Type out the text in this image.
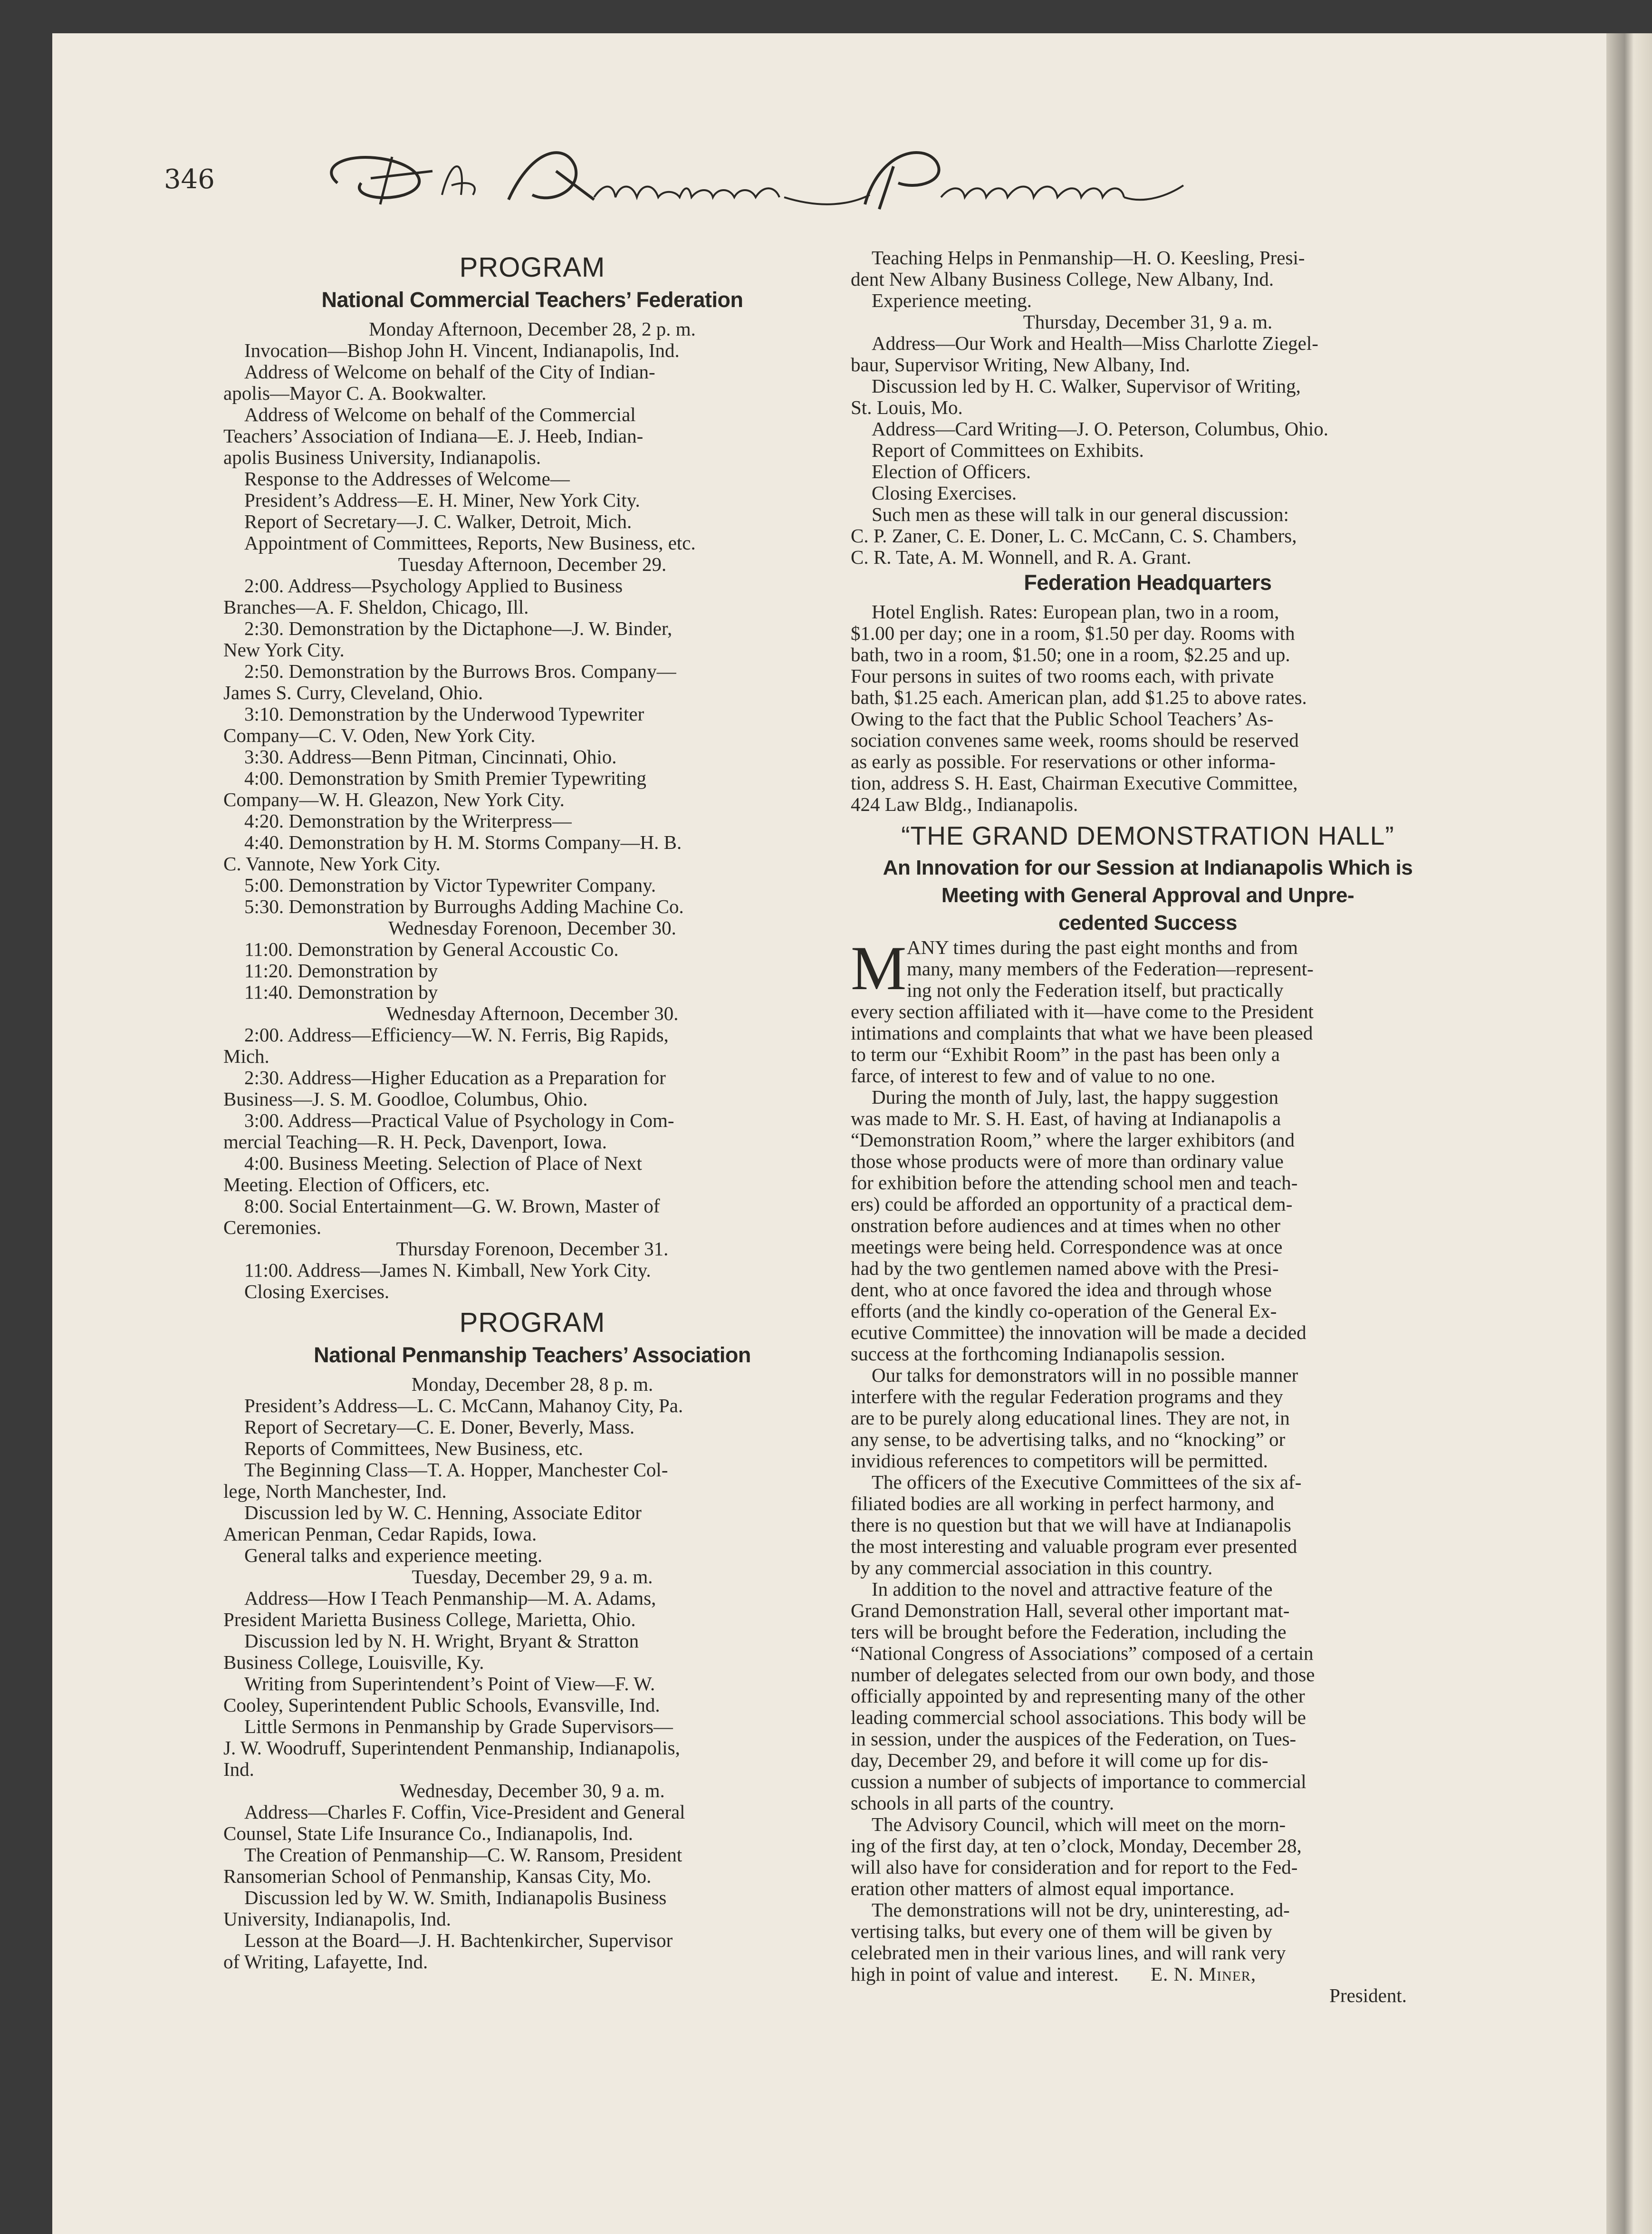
346
PROGRAM
National Commercial Teachers’ Federation
Monday Afternoon, December 28, 2 p. m.
Invocation—Bishop John H. Vincent, Indianapolis, Ind.
Address of Welcome on behalf of the City of Indian-
apolis—Mayor C. A. Bookwalter.
Address of Welcome on behalf of the Commercial
Teachers’ Association of Indiana—E. J. Heeb, Indian-
apolis Business University, Indianapolis.
Response to the Addresses of Welcome—
President’s Address—E. H. Miner, New York City.
Report of Secretary—J. C. Walker, Detroit, Mich.
Appointment of Committees, Reports, New Business, etc.
Tuesday Afternoon, December 29.
2:00. Address—Psychology Applied to Business
Branches—A. F. Sheldon, Chicago, Ill.
2:30. Demonstration by the Dictaphone—J. W. Binder,
New York City.
2:50. Demonstration by the Burrows Bros. Company—
James S. Curry, Cleveland, Ohio.
3:10. Demonstration by the Underwood Typewriter
Company—C. V. Oden, New York City.
3:30. Address—Benn Pitman, Cincinnati, Ohio.
4:00. Demonstration by Smith Premier Typewriting
Company—W. H. Gleazon, New York City.
4:20. Demonstration by the Writerpress—
4:40. Demonstration by H. M. Storms Company—H. B.
C. Vannote, New York City.
5:00. Demonstration by Victor Typewriter Company.
5:30. Demonstration by Burroughs Adding Machine Co.
Wednesday Forenoon, December 30.
11:00. Demonstration by General Accoustic Co.
11:20. Demonstration by
11:40. Demonstration by
Wednesday Afternoon, December 30.
2:00. Address—Efficiency—W. N. Ferris, Big Rapids,
Mich.
2:30. Address—Higher Education as a Preparation for
Business—J. S. M. Goodloe, Columbus, Ohio.
3:00. Address—Practical Value of Psychology in Com-
mercial Teaching—R. H. Peck, Davenport, Iowa.
4:00. Business Meeting. Selection of Place of Next
Meeting. Election of Officers, etc.
8:00. Social Entertainment—G. W. Brown, Master of
Ceremonies.
Thursday Forenoon, December 31.
11:00. Address—James N. Kimball, New York City.
Closing Exercises.
PROGRAM
National Penmanship Teachers’ Association
Monday, December 28, 8 p. m.
President’s Address—L. C. McCann, Mahanoy City, Pa.
Report of Secretary—C. E. Doner, Beverly, Mass.
Reports of Committees, New Business, etc.
The Beginning Class—T. A. Hopper, Manchester Col-
lege, North Manchester, Ind.
Discussion led by W. C. Henning, Associate Editor
American Penman, Cedar Rapids, Iowa.
General talks and experience meeting.
Tuesday, December 29, 9 a. m.
Address—How I Teach Penmanship—M. A. Adams,
President Marietta Business College, Marietta, Ohio.
Discussion led by N. H. Wright, Bryant & Stratton
Business College, Louisville, Ky.
Writing from Superintendent’s Point of View—F. W.
Cooley, Superintendent Public Schools, Evansville, Ind.
Little Sermons in Penmanship by Grade Supervisors—
J. W. Woodruff, Superintendent Penmanship, Indianapolis,
Ind.
Wednesday, December 30, 9 a. m.
Address—Charles F. Coffin, Vice-President and General
Counsel, State Life Insurance Co., Indianapolis, Ind.
The Creation of Penmanship—C. W. Ransom, President
Ransomerian School of Penmanship, Kansas City, Mo.
Discussion led by W. W. Smith, Indianapolis Business
University, Indianapolis, Ind.
Lesson at the Board—J. H. Bachtenkircher, Supervisor
of Writing, Lafayette, Ind.
Teaching Helps in Penmanship—H. O. Keesling, Presi-
dent New Albany Business College, New Albany, Ind.
Experience meeting.
Thursday, December 31, 9 a. m.
Address—Our Work and Health—Miss Charlotte Ziegel-
baur, Supervisor Writing, New Albany, Ind.
Discussion led by H. C. Walker, Supervisor of Writing,
St. Louis, Mo.
Address—Card Writing—J. O. Peterson, Columbus, Ohio.
Report of Committees on Exhibits.
Election of Officers.
Closing Exercises.
Such men as these will talk in our general discussion:
C. P. Zaner, C. E. Doner, L. C. McCann, C. S. Chambers,
C. R. Tate, A. M. Wonnell, and R. A. Grant.
Federation Headquarters
Hotel English. Rates: European plan, two in a room,
$1.00 per day; one in a room, $1.50 per day. Rooms with
bath, two in a room, $1.50; one in a room, $2.25 and up.
Four persons in suites of two rooms each, with private
bath, $1.25 each. American plan, add $1.25 to above rates.
Owing to the fact that the Public School Teachers’ As-
sociation convenes same week, rooms should be reserved
as early as possible. For reservations or other informa-
tion, address S. H. East, Chairman Executive Committee,
424 Law Bldg., Indianapolis.
“THE GRAND DEMONSTRATION HALL”
An Innovation for our Session at Indianapolis Which is
Meeting with General Approval and Unpre-
cedented Success
M ANY times during the past eight months and from
many, many members of the Federation—represent-
ing not only the Federation itself, but practically
every section affiliated with it—have come to the President
intimations and complaints that what we have been pleased
to term our “Exhibit Room” in the past has been only a
farce, of interest to few and of value to no one.
During the month of July, last, the happy suggestion
was made to Mr. S. H. East, of having at Indianapolis a
“Demonstration Room,” where the larger exhibitors (and
those whose products were of more than ordinary value
for exhibition before the attending school men and teach-
ers) could be afforded an opportunity of a practical dem-
onstration before audiences and at times when no other
meetings were being held. Correspondence was at once
had by the two gentlemen named above with the Presi-
dent, who at once favored the idea and through whose
efforts (and the kindly co-operation of the General Ex-
ecutive Committee) the innovation will be made a decided
success at the forthcoming Indianapolis session.
Our talks for demonstrators will in no possible manner
interfere with the regular Federation programs and they
are to be purely along educational lines. They are not, in
any sense, to be advertising talks, and no “knocking” or
invidious references to competitors will be permitted.
The officers of the Executive Committees of the six af-
filiated bodies are all working in perfect harmony, and
there is no question but that we will have at Indianapolis
the most interesting and valuable program ever presented
by any commercial association in this country.
In addition to the novel and attractive feature of the
Grand Demonstration Hall, several other important mat-
ters will be brought before the Federation, including the
“National Congress of Associations” composed of a certain
number of delegates selected from our own body, and those
officially appointed by and representing many of the other
leading commercial school associations. This body will be
in session, under the auspices of the Federation, on Tues-
day, December 29, and before it will come up for dis-
cussion a number of subjects of importance to commercial
schools in all parts of the country.
The Advisory Council, which will meet on the morn-
ing of the first day, at ten o’clock, Monday, December 28,
will also have for consideration and for report to the Fed-
eration other matters of almost equal importance.
The demonstrations will not be dry, uninteresting, ad-
vertising talks, but every one of them will be given by
celebrated men in their various lines, and will rank very
high in point of value and interest.      E. N. Miner,
President.
